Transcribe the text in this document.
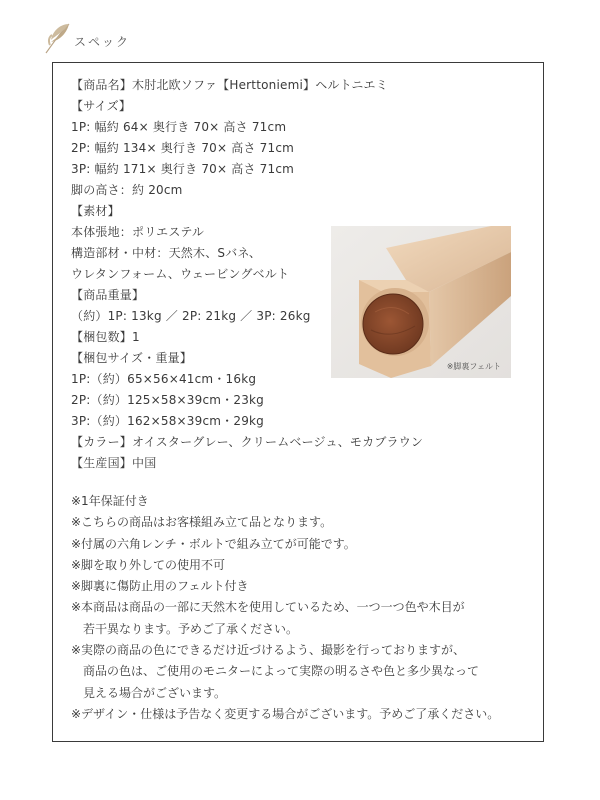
スペック
【商品名】木肘北欧ソファ【Herttoniemi】ヘルトニエミ
【サイズ】
1P: 幅約 64× 奥行き 70× 高さ 71cm
2P: 幅約 134× 奥行き 70× 高さ 71cm
3P: 幅約 171× 奥行き 70× 高さ 71cm
脚の高さ：約 20cm
【素材】
本体張地：ポリエステル
構造部材・中材：天然木、Sバネ、
ウレタンフォーム、ウェービングベルト
【商品重量】
（約）1P: 13kg ／ 2P: 21kg ／ 3P: 26kg
【梱包数】1
【梱包サイズ・重量】
1P:（約）65×56×41cm・16kg
2P:（約）125×58×39cm・23kg
3P:（約）162×58×39cm・29kg
【カラー】オイスターグレー、クリームベージュ、モカブラウン
【生産国】中国
※脚裏フェルト
※1年保証付き
※こちらの商品はお客様組み立て品となります。
※付属の六角レンチ・ボルトで組み立てが可能です。
※脚を取り外しての使用不可
※脚裏に傷防止用のフェルト付き
※本商品は商品の一部に天然木を使用しているため、一つ一つ色や木目が
若干異なります。予めご了承ください。
※実際の商品の色にできるだけ近づけるよう、撮影を行っておりますが、
商品の色は、ご使用のモニターによって実際の明るさや色と多少異なって
見える場合がございます。
※デザイン・仕様は予告なく変更する場合がございます。予めご了承ください。
